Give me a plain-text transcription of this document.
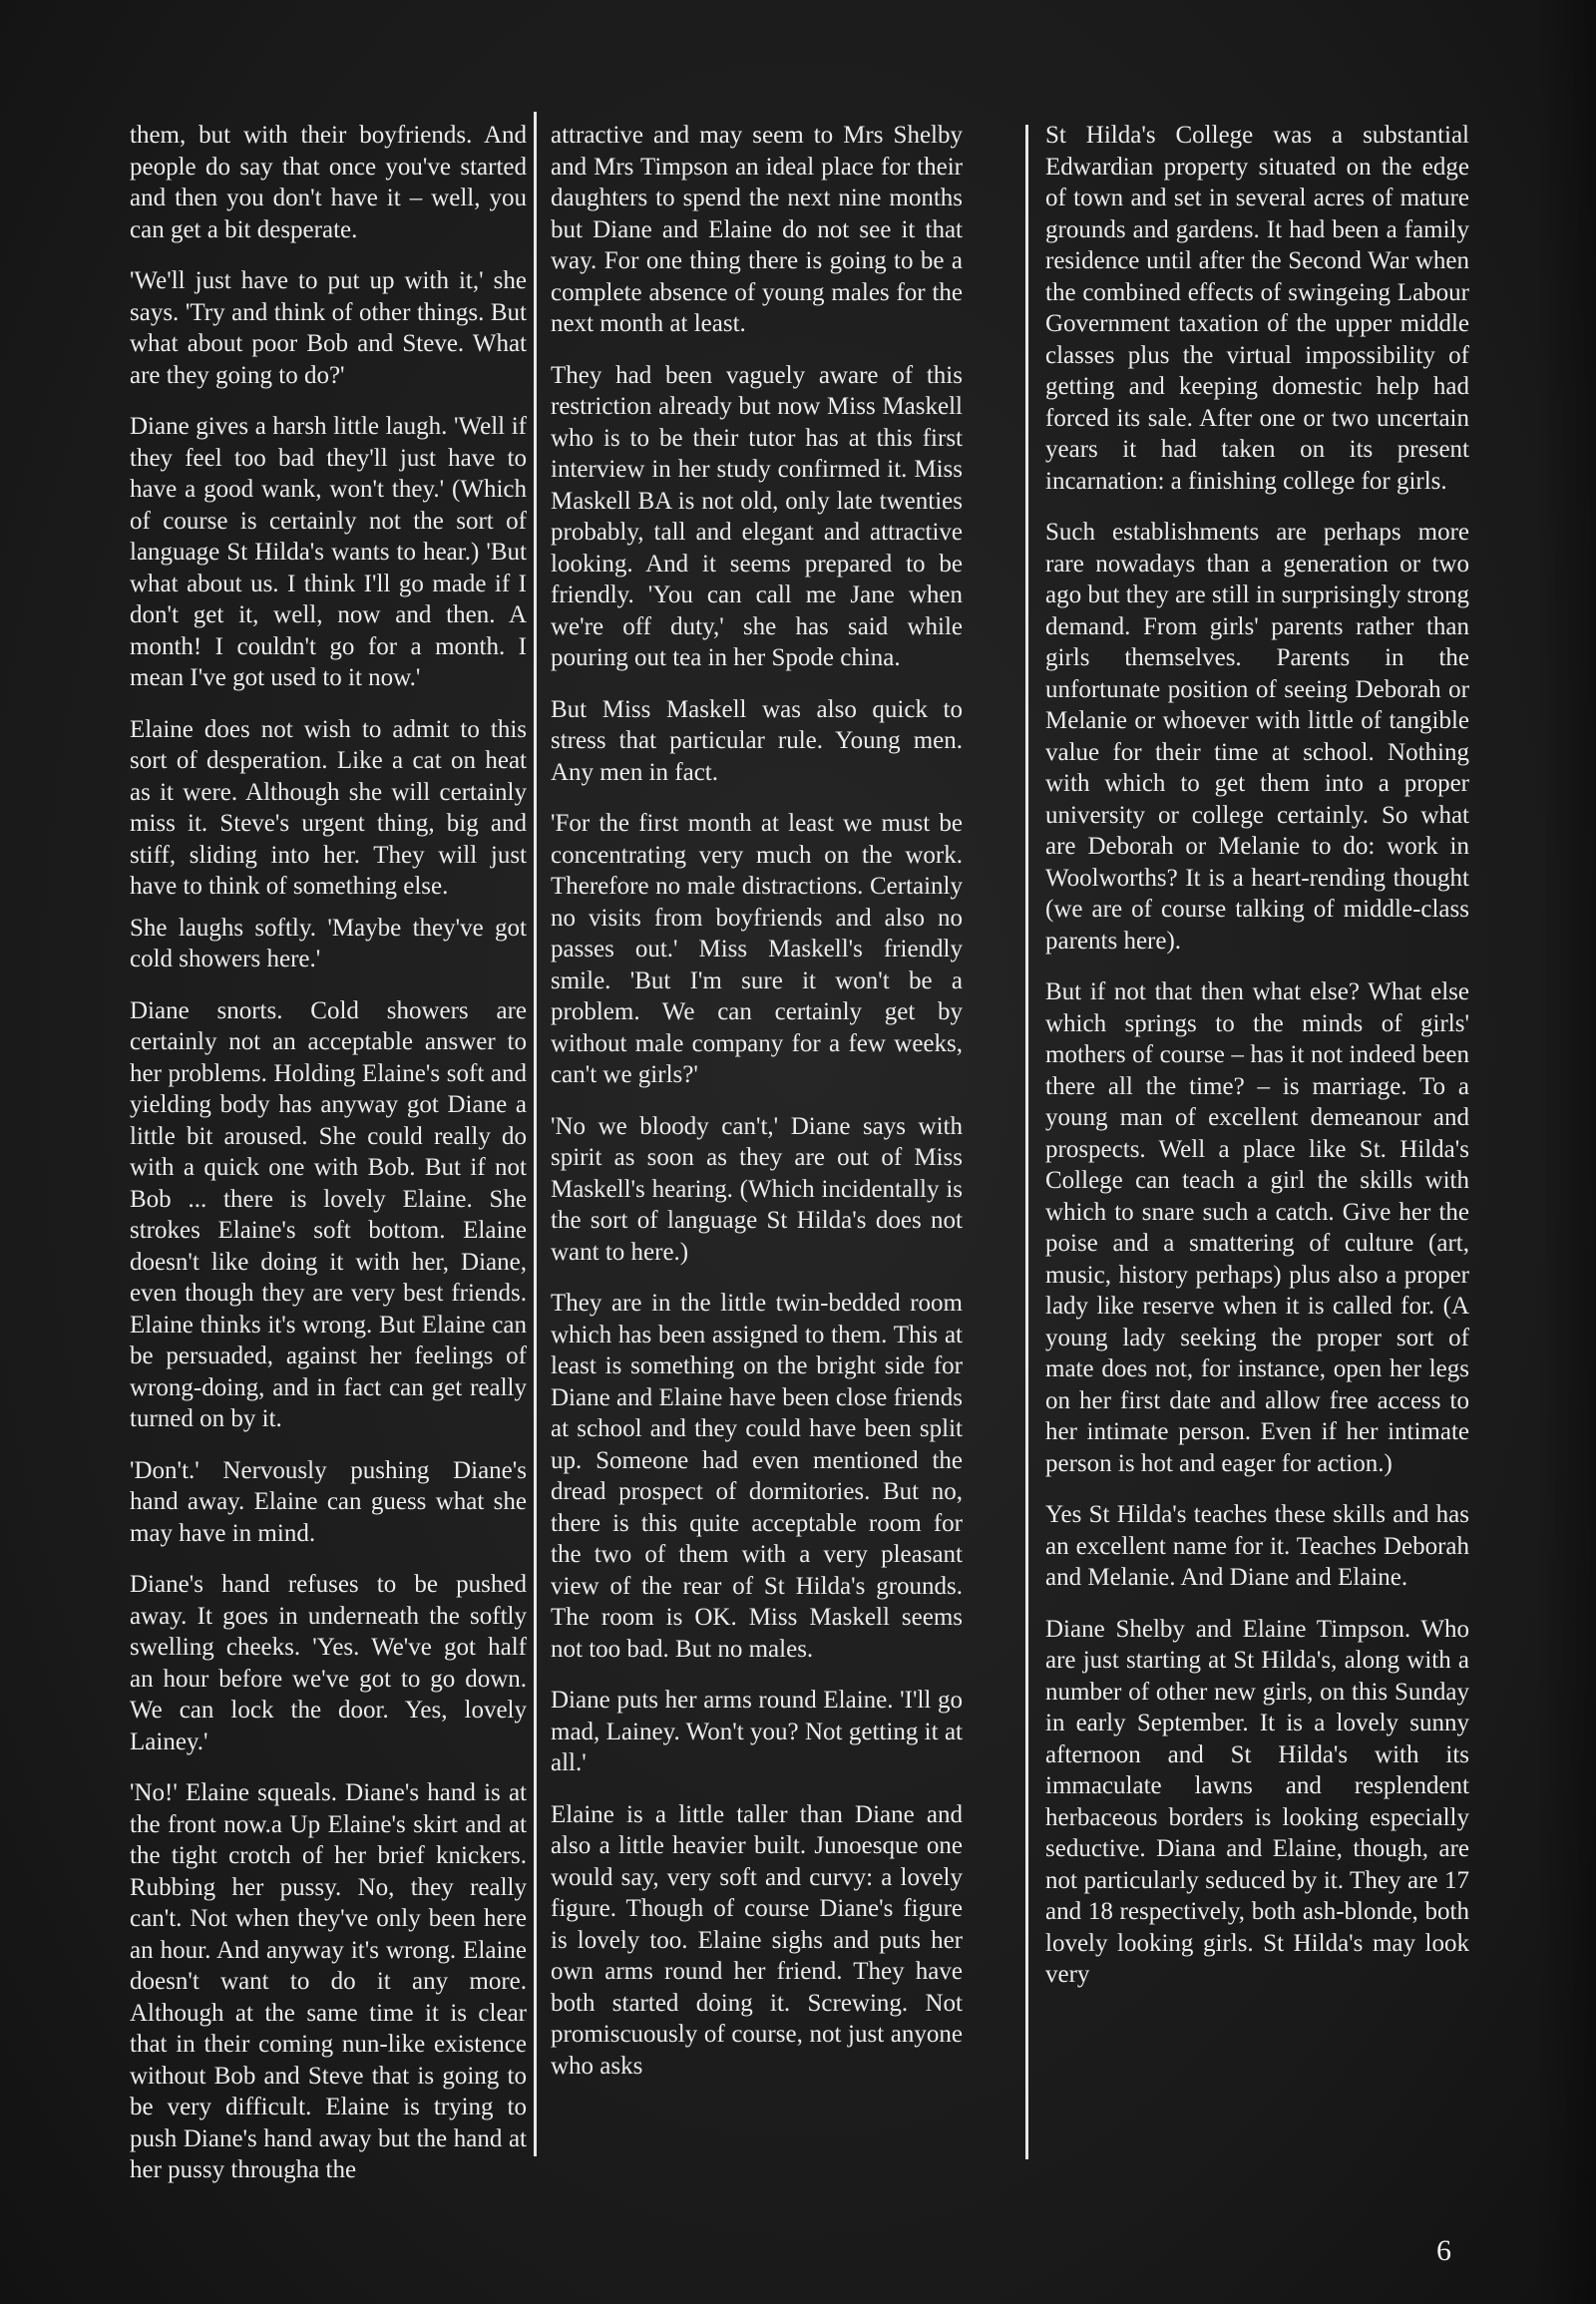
them, but with their boyfriends. And people do say that once you've started and then you don't have it – well, you can get a bit desperate.

'We'll just have to put up with it,' she says. 'Try and think of other things. But what about poor Bob and Steve. What are they going to do?'

Diane gives a harsh little laugh. 'Well if they feel too bad they'll just have to have a good wank, won't they.' (Which of course is certainly not the sort of language St Hilda's wants to hear.) 'But what about us. I think I'll go made if I don't get it, well, now and then. A month! I couldn't go for a month. I mean I've got used to it now.'

Elaine does not wish to admit to this sort of desperation. Like a cat on heat as it were. Although she will certainly miss it. Steve's urgent thing, big and stiff, sliding into her. They will just have to think of something else.

She laughs softly. 'Maybe they've got cold showers here.'

Diane snorts. Cold showers are certainly not an acceptable answer to her problems. Holding Elaine's soft and yielding body has anyway got Diane a little bit aroused. She could really do with a quick one with Bob. But if not Bob ... there is lovely Elaine. She strokes Elaine's soft bottom. Elaine doesn't like doing it with her, Diane, even though they are very best friends. Elaine thinks it's wrong. But Elaine can be persuaded, against her feelings of wrong-doing, and in fact can get really turned on by it.

'Don't.' Nervously pushing Diane's hand away. Elaine can guess what she may have in mind.

Diane's hand refuses to be pushed away. It goes in underneath the softly swelling cheeks. 'Yes. We've got half an hour before we've got to go down. We can lock the door. Yes, lovely Lainey.'

'No!' Elaine squeals. Diane's hand is at the front now.a Up Elaine's skirt and at the tight crotch of her brief knickers. Rubbing her pussy. No, they really can't. Not when they've only been here an hour. And anyway it's wrong. Elaine doesn't want to do it any more. Although at the same time it is clear that in their coming nun-like existence without Bob and Steve that is going to be very difficult. Elaine is trying to push Diane's hand away but the hand at her pussy througha the

attractive and may seem to Mrs Shelby and Mrs Timpson an ideal place for their daughters to spend the next nine months but Diane and Elaine do not see it that way. For one thing there is going to be a complete absence of young males for the next month at least.

They had been vaguely aware of this restriction already but now Miss Maskell who is to be their tutor has at this first interview in her study confirmed it. Miss Maskell BA is not old, only late twenties probably, tall and elegant and attractive looking. And it seems prepared to be friendly. 'You can call me Jane when we're off duty,' she has said while pouring out tea in her Spode china.

But Miss Maskell was also quick to stress that particular rule. Young men. Any men in fact.

'For the first month at least we must be concentrating very much on the work. Therefore no male distractions. Certainly no visits from boyfriends and also no passes out.' Miss Maskell's friendly smile. 'But I'm sure it won't be a problem. We can certainly get by without male company for a few weeks, can't we girls?'

'No we bloody can't,' Diane says with spirit as soon as they are out of Miss Maskell's hearing. (Which incidentally is the sort of language St Hilda's does not want to here.)

They are in the little twin-bedded room which has been assigned to them. This at least is something on the bright side for Diane and Elaine have been close friends at school and they could have been split up. Someone had even mentioned the dread prospect of dormitories. But no, there is this quite acceptable room for the two of them with a very pleasant view of the rear of St Hilda's grounds. The room is OK. Miss Maskell seems not too bad. But no males.

Diane puts her arms round Elaine. 'I'll go mad, Lainey. Won't you? Not getting it at all.'

Elaine is a little taller than Diane and also a little heavier built. Junoesque one would say, very soft and curvy: a lovely figure. Though of course Diane's figure is lovely too. Elaine sighs and puts her own arms round her friend. They have both started doing it. Screwing. Not promiscuously of course, not just anyone who asks

St Hilda's College was a substantial Edwardian property situated on the edge of town and set in several acres of mature grounds and gardens. It had been a family residence until after the Second War when the combined effects of swingeing Labour Government taxation of the upper middle classes plus the virtual impossibility of getting and keeping domestic help had forced its sale. After one or two uncertain years it had taken on its present incarnation: a finishing college for girls.

Such establishments are perhaps more rare nowadays than a generation or two ago but they are still in surprisingly strong demand. From girls' parents rather than girls themselves. Parents in the unfortunate position of seeing Deborah or Melanie or whoever with little of tangible value for their time at school. Nothing with which to get them into a proper university or college certainly. So what are Deborah or Melanie to do: work in Woolworths? It is a heart-rending thought (we are of course talking of middle-class parents here).

But if not that then what else? What else which springs to the minds of girls' mothers of course – has it not indeed been there all the time? – is marriage. To a young man of excellent demeanour and prospects. Well a place like St. Hilda's College can teach a girl the skills with which to snare such a catch. Give her the poise and a smattering of culture (art, music, history perhaps) plus also a proper lady like reserve when it is called for. (A young lady seeking the proper sort of mate does not, for instance, open her legs on her first date and allow free access to her intimate person. Even if her intimate person is hot and eager for action.)

Yes St Hilda's teaches these skills and has an excellent name for it. Teaches Deborah and Melanie. And Diane and Elaine.

Diane Shelby and Elaine Timpson. Who are just starting at St Hilda's, along with a number of other new girls, on this Sunday in early September. It is a lovely sunny afternoon and St Hilda's with its immaculate lawns and resplendent herbaceous borders is looking especially seductive. Diana and Elaine, though, are not particularly seduced by it. They are 17 and 18 respectively, both ash-blonde, both lovely looking girls. St Hilda's may look very

6
